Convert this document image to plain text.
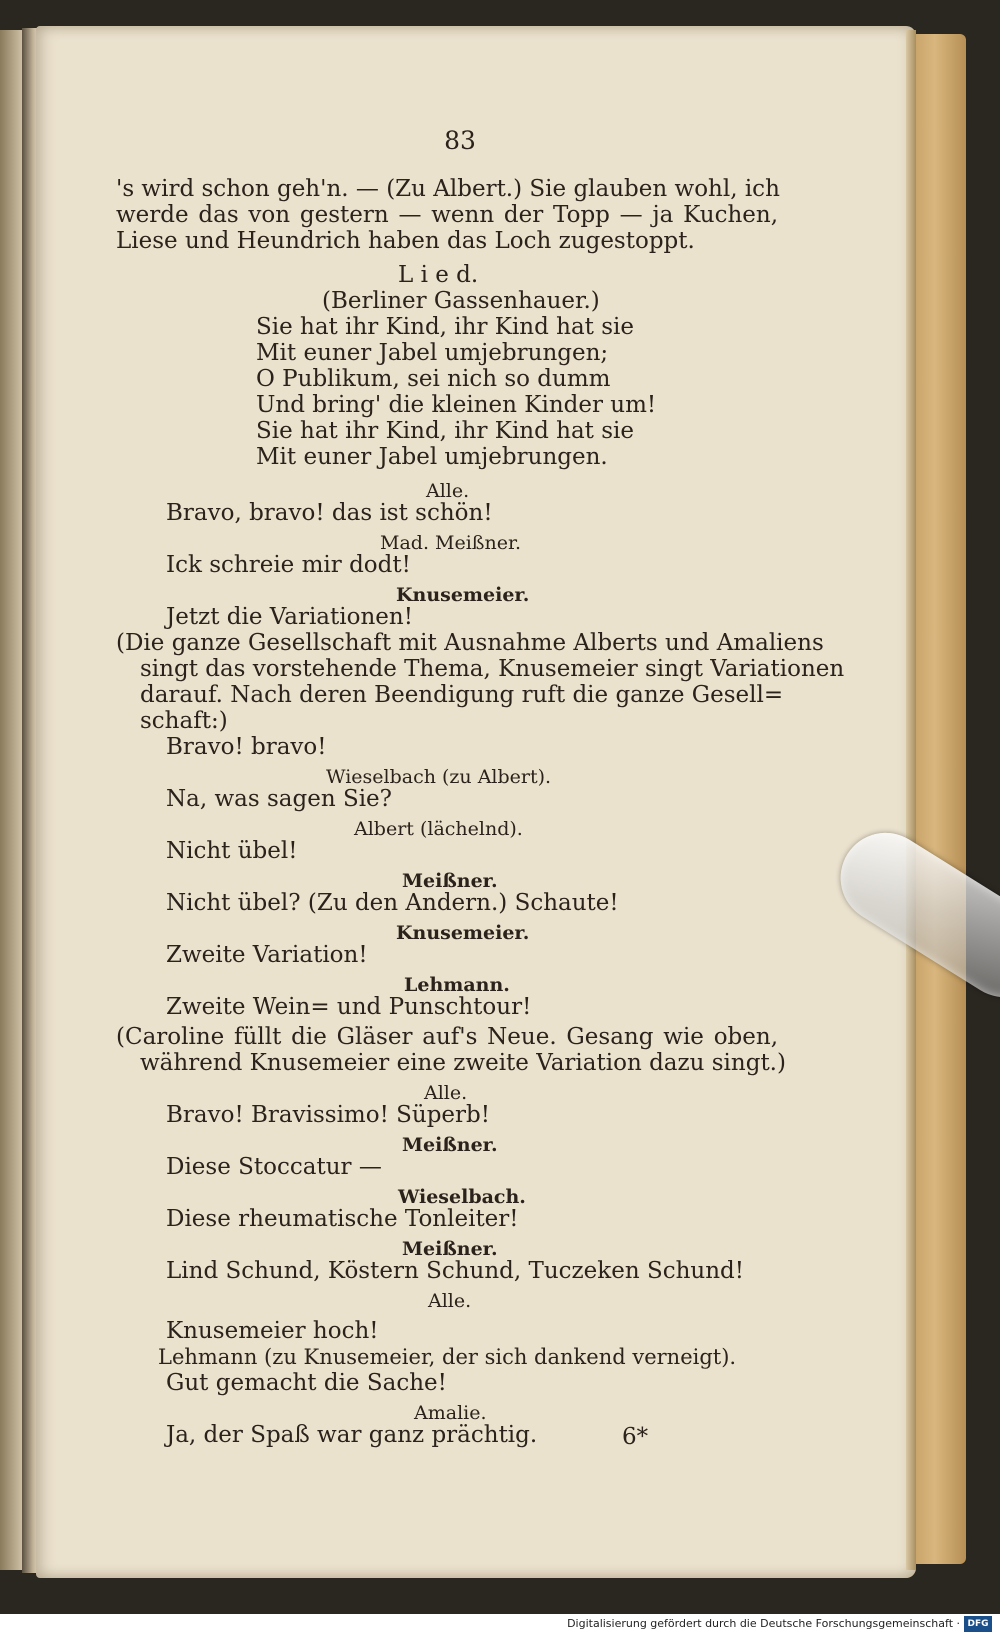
83
's wird schon geh'n. — (Zu Albert.) Sie glauben wohl, ich
werde das von gestern — wenn der Topp — ja Kuchen,
Liese und Heundrich haben das Loch zugestoppt.
L i e d.
(Berliner Gassenhauer.)
Sie hat ihr Kind, ihr Kind hat sie
Mit euner Jabel umjebrungen;
O Publikum, sei nich so dumm
Und bring' die kleinen Kinder um!
Sie hat ihr Kind, ihr Kind hat sie
Mit euner Jabel umjebrungen.
Alle.
Bravo, bravo! das ist schön!
Mad. Meißner.
Ick schreie mir dodt!
Knusemeier.
Jetzt die Variationen!
(Die ganze Gesellschaft mit Ausnahme Alberts und Amaliens
singt das vorstehende Thema, Knusemeier singt Variationen
darauf. Nach deren Beendigung ruft die ganze Gesell=
schaft:)
Bravo! bravo!
Wieselbach (zu Albert).
Na, was sagen Sie?
Albert (lächelnd).
Nicht übel!
Meißner.
Nicht übel? (Zu den Andern.) Schaute!
Knusemeier.
Zweite Variation!
Lehmann.
Zweite Wein= und Punschtour!
(Caroline füllt die Gläser auf's Neue. Gesang wie oben,
während Knusemeier eine zweite Variation dazu singt.)
Alle.
Bravo! Bravissimo! Süperb!
Meißner.
Diese Stoccatur —
Wieselbach.
Diese rheumatische Tonleiter!
Meißner.
Lind Schund, Köstern Schund, Tuczeken Schund!
Alle.
Knusemeier hoch!
Lehmann (zu Knusemeier, der sich dankend verneigt).
Gut gemacht die Sache!
Amalie.
Ja, der Spaß war ganz prächtig.	6*
Digitalisierung gefördert durch die Deutsche Forschungsgemeinschaft · DFG
